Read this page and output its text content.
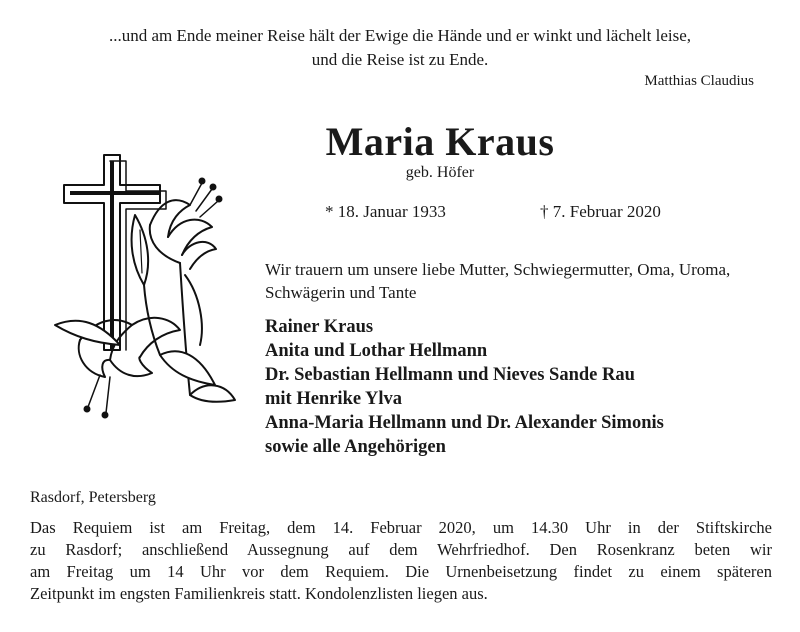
...und am Ende meiner Reise hält der Ewige die Hände und er winkt und lächelt leise,
und die Reise ist zu Ende.
Matthias Claudius
Maria Kraus
geb. Höfer
* 18. Januar 1933	† 7. Februar 2020
Wir trauern um unsere liebe Mutter, Schwiegermutter, Oma, Uroma, Schwägerin und Tante
Rainer Kraus
Anita und Lothar Hellmann
Dr. Sebastian Hellmann und Nieves Sande Rau
mit Henrike Ylva
Anna-Maria Hellmann und Dr. Alexander Simonis
sowie alle Angehörigen
Rasdorf, Petersberg
Das Requiem ist am Freitag, dem 14. Februar 2020, um 14.30 Uhr in der Stiftskirche
zu Rasdorf; anschließend Aussegnung auf dem Wehrfriedhof. Den Rosenkranz beten wir
am Freitag um 14 Uhr vor dem Requiem. Die Urnenbeisetzung findet zu einem späteren
Zeitpunkt im engsten Familienkreis statt. Kondolenzlisten liegen aus.
